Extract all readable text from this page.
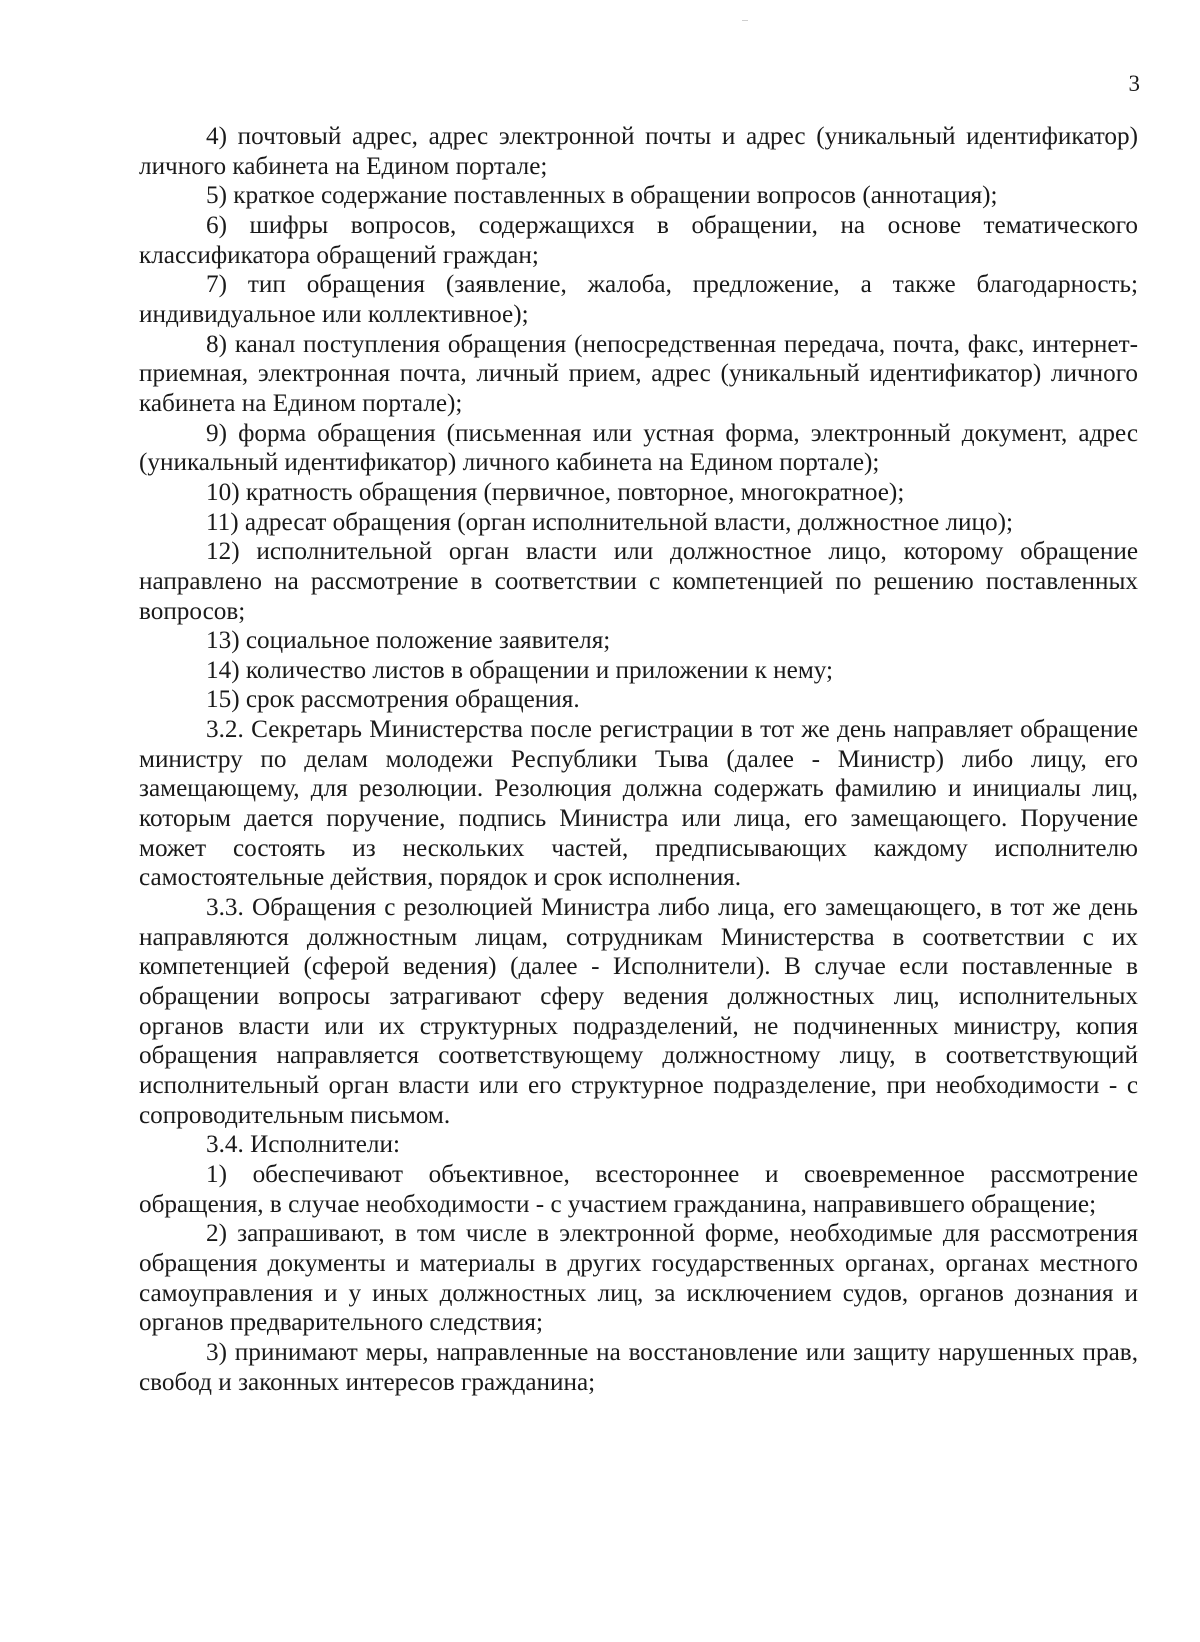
3

4) почтовый адрес, адрес электронной почты и адрес (уникальный идентификатор) личного кабинета на Едином портале;

5) краткое содержание поставленных в обращении вопросов (аннотация);

6) шифры вопросов, содержащихся в обращении, на основе тематического классификатора обращений граждан;

7) тип обращения (заявление, жалоба, предложение, а также благодарность; индивидуальное или коллективное);

8) канал поступления обращения (непосредственная передача, почта, факс, интернет-приемная, электронная почта, личный прием, адрес (уникальный идентификатор) личного кабинета на Едином портале);

9) форма обращения (письменная или устная форма, электронный документ, адрес (уникальный идентификатор) личного кабинета на Едином портале);

10) кратность обращения (первичное, повторное, многократное);

11) адресат обращения (орган исполнительной власти, должностное лицо);

12) исполнительной орган власти или должностное лицо, которому обращение направлено на рассмотрение в соответствии с компетенцией по решению поставленных вопросов;

13) социальное положение заявителя;

14) количество листов в обращении и приложении к нему;

15) срок рассмотрения обращения.

3.2. Секретарь Министерства после регистрации в тот же день направляет обращение министру по делам молодежи Республики Тыва (далее - Министр) либо лицу, его замещающему, для резолюции. Резолюция должна содержать фамилию и инициалы лиц, которым дается поручение, подпись Министра или лица, его замещающего. Поручение может состоять из нескольких частей, предписывающих каждому исполнителю самостоятельные действия, порядок и срок исполнения.

3.3. Обращения с резолюцией Министра либо лица, его замещающего, в тот же день направляются должностным лицам, сотрудникам Министерства в соответствии с их компетенцией (сферой ведения) (далее - Исполнители). В случае если поставленные в обращении вопросы затрагивают сферу ведения должностных лиц, исполнительных органов власти или их структурных подразделений, не подчиненных министру, копия обращения направляется соответствующему должностному лицу, в соответствующий исполнительный орган власти или его структурное подразделение, при необходимости - с сопроводительным письмом.

3.4. Исполнители:

1) обеспечивают объективное, всестороннее и своевременное рассмотрение обращения, в случае необходимости - с участием гражданина, направившего обращение;

2) запрашивают, в том числе в электронной форме, необходимые для рассмотрения обращения документы и материалы в других государственных органах, органах местного самоуправления и у иных должностных лиц, за исключением судов, органов дознания и органов предварительного следствия;

3) принимают меры, направленные на восстановление или защиту нарушенных прав, свобод и законных интересов гражданина;
